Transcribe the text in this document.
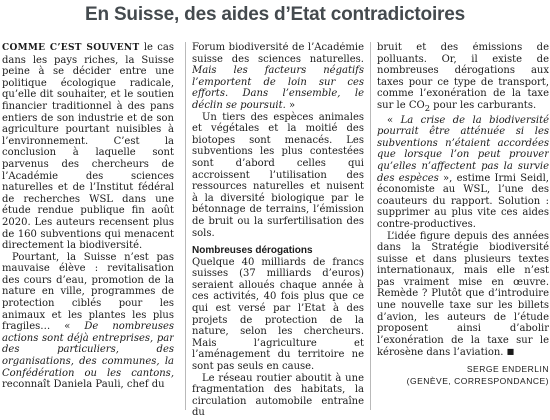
En Suisse, des aides d’Etat contradictoires

COMME C’EST SOUVENT le cas dans les pays riches, la Suisse peine à se décider entre une politique écologique radicale, qu’elle dit souhaiter, et le soutien financier traditionnel à des pans entiers de son industrie et de son agriculture pourtant nuisibles à l’environnement. C’est la conclusion à laquelle sont parvenus des chercheurs de l’Académie des sciences naturelles et de l’Institut fédéral de recherches WSL dans une étude rendue publique fin août 2020. Les auteurs recensent plus de 160 subventions qui menacent directement la biodiversité.

Pourtant, la Suisse n’est pas mauvaise élève : revitalisation des cours d’eau, promotion de la nature en ville, programmes de protection ciblés pour les animaux et les plantes les plus fragiles… « De nombreuses actions sont déjà entreprises, par des particuliers, des organisations, des communes, la Confédération ou les cantons, reconnaît Daniela Pauli, chef du

Forum biodiversité de l’Académie suisse des sciences naturelles. Mais les facteurs négatifs l’emportent de loin sur ces efforts. Dans l’ensemble, le déclin se poursuit. »

Un tiers des espèces animales et végétales et la moitié des biotopes sont menacés. Les subventions les plus contestées sont d’abord celles qui accroissent l’utilisation des ressources naturelles et nuisent à la diversité biologique par le bétonnage de terrains, l’émission de bruit ou la surfertilisation des sols.

Nombreuses dérogations

Quelque 40 milliards de francs suisses (37 milliards d’euros) seraient alloués chaque année à ces activités, 40 fois plus que ce qui est versé par l’Etat à des projets de protection de la nature, selon les chercheurs. Mais l’agriculture et l’aménagement du territoire ne sont pas seuls en cause.

Le réseau routier aboutit à une fragmentation des habitats, la circulation automobile entraîne du

bruit et des émissions de polluants. Or, il existe de nombreuses dérogations aux taxes pour ce type de transport, comme l’exonération de la taxe sur le $CO_2$ pour les carburants.

« La crise de la biodiversité pourrait être atténuée si les subventions n’étaient accordées que lorsque l’on peut prouver qu’elles n’affectent pas la survie des espèces », estime Irmi Seidl, économiste au WSL, l’une des coauteurs du rapport. Solution : supprimer au plus vite ces aides contre-productives.

L’idée figure depuis des années dans la Stratégie biodiversité suisse et dans plusieurs textes internationaux, mais elle n’est pas vraiment mise en œuvre. Remède ? Plutôt que d’introduire une nouvelle taxe sur les billets d’avion, les auteurs de l’étude proposent ainsi d’abolir l’exonération de la taxe sur le kérosène dans l’aviation. ■

SERGE ENDERLIN
(GENÈVE, CORRESPONDANCE)
